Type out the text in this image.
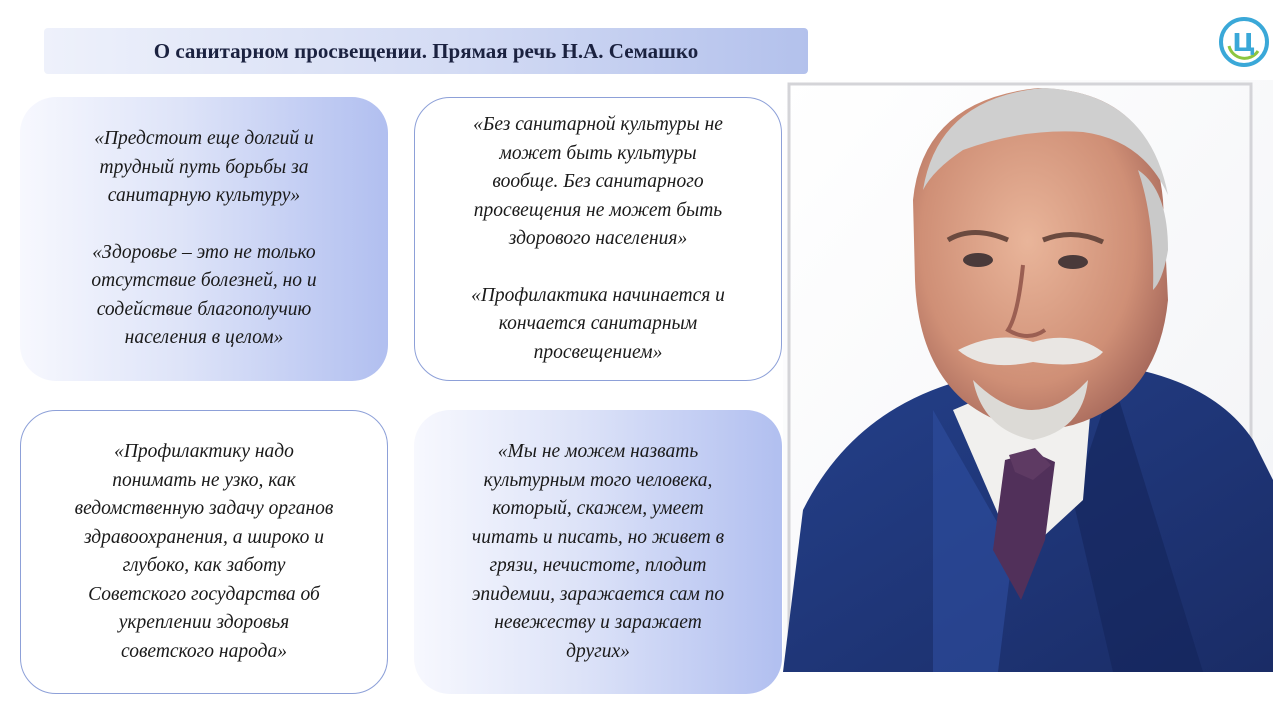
О санитарном просвещении. Прямая речь Н.А. Семашко	Ц

«Предстоит еще долгий и
трудный путь борьбы за
санитарную культуру»

«Здоровье – это не только
отсутствие болезней, но и
содействие благополучию
населения в целом»

«Без санитарной культуры не
может быть культуры
вообще. Без санитарного
просвещения не может быть
здорового населения»

«Профилактика начинается и
кончается санитарным
просвещением»

«Профилактику надо
понимать не узко, как
ведомственную задачу органов
здравоохранения, а широко и
глубоко, как заботу
Советского государства об
укреплении здоровья
советского народа»

«Мы не можем назвать
культурным того человека,
который, скажем, умеет
читать и писать, но живет в
грязи, нечистоте, плодит
эпидемии, заражается сам по
невежеству и заражает
других»
